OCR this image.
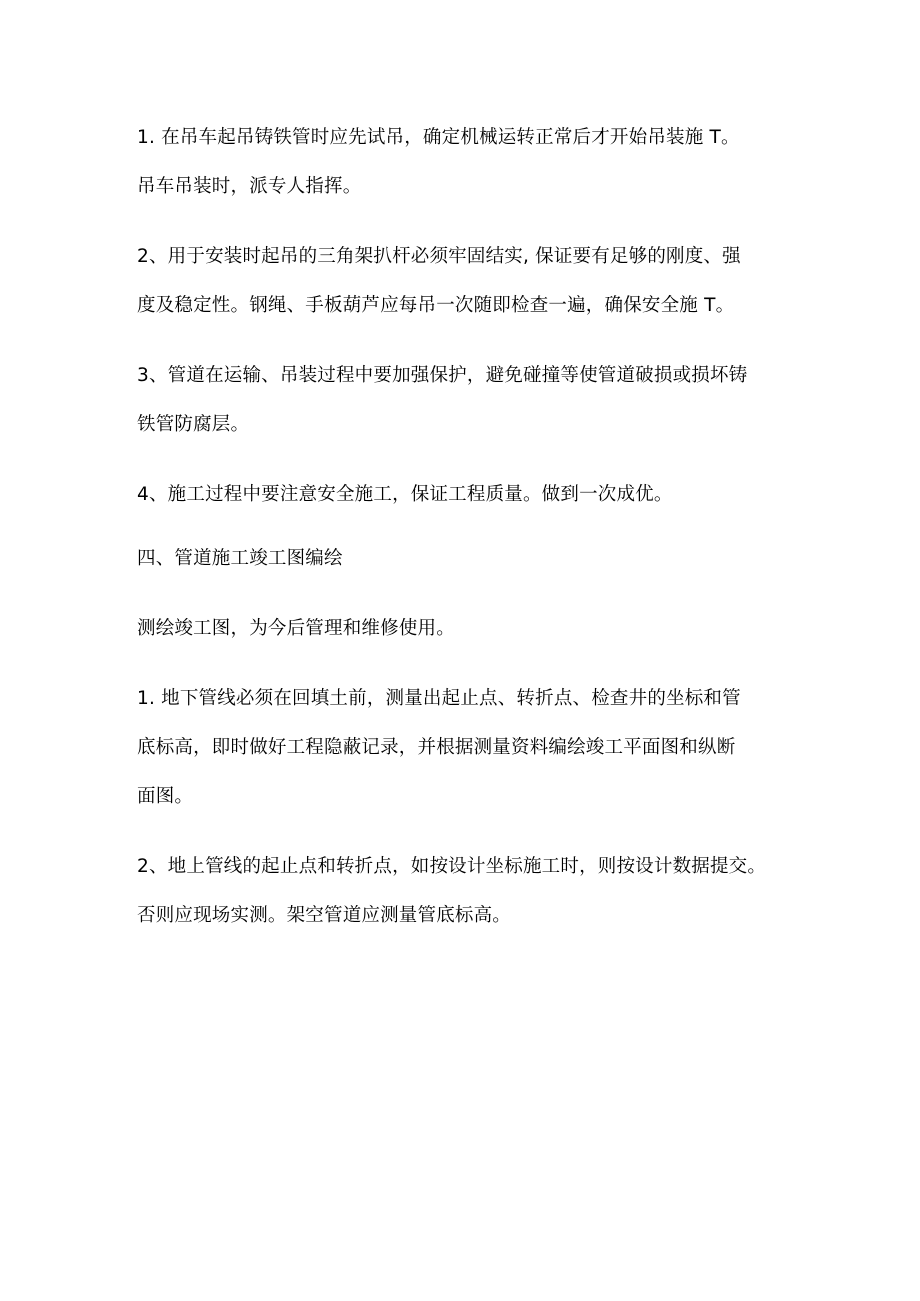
1. 在吊车起吊铸铁管时应先试吊，确定机械运转正常后才开始吊装施 T。
吊车吊装时，派专人指挥。

2、用于安装时起吊的三角架扒杆必须牢固结实, 保证要有足够的刚度、强
度及稳定性。钢绳、手板葫芦应每吊一次随即检查一遍，确保安全施 T。

3、管道在运输、吊装过程中要加强保护，避免碰撞等使管道破损或损坏铸
铁管防腐层。

4、施工过程中要注意安全施工，保证工程质量。做到一次成优。

四、管道施工竣工图编绘

测绘竣工图，为今后管理和维修使用。

1. 地下管线必须在回填土前，测量出起止点、转折点、检查井的坐标和管
底标高，即时做好工程隐蔽记录，并根据测量资料编绘竣工平面图和纵断
面图。

2、地上管线的起止点和转折点，如按设计坐标施工时，则按设计数据提交。
否则应现场实测。架空管道应测量管底标高。
